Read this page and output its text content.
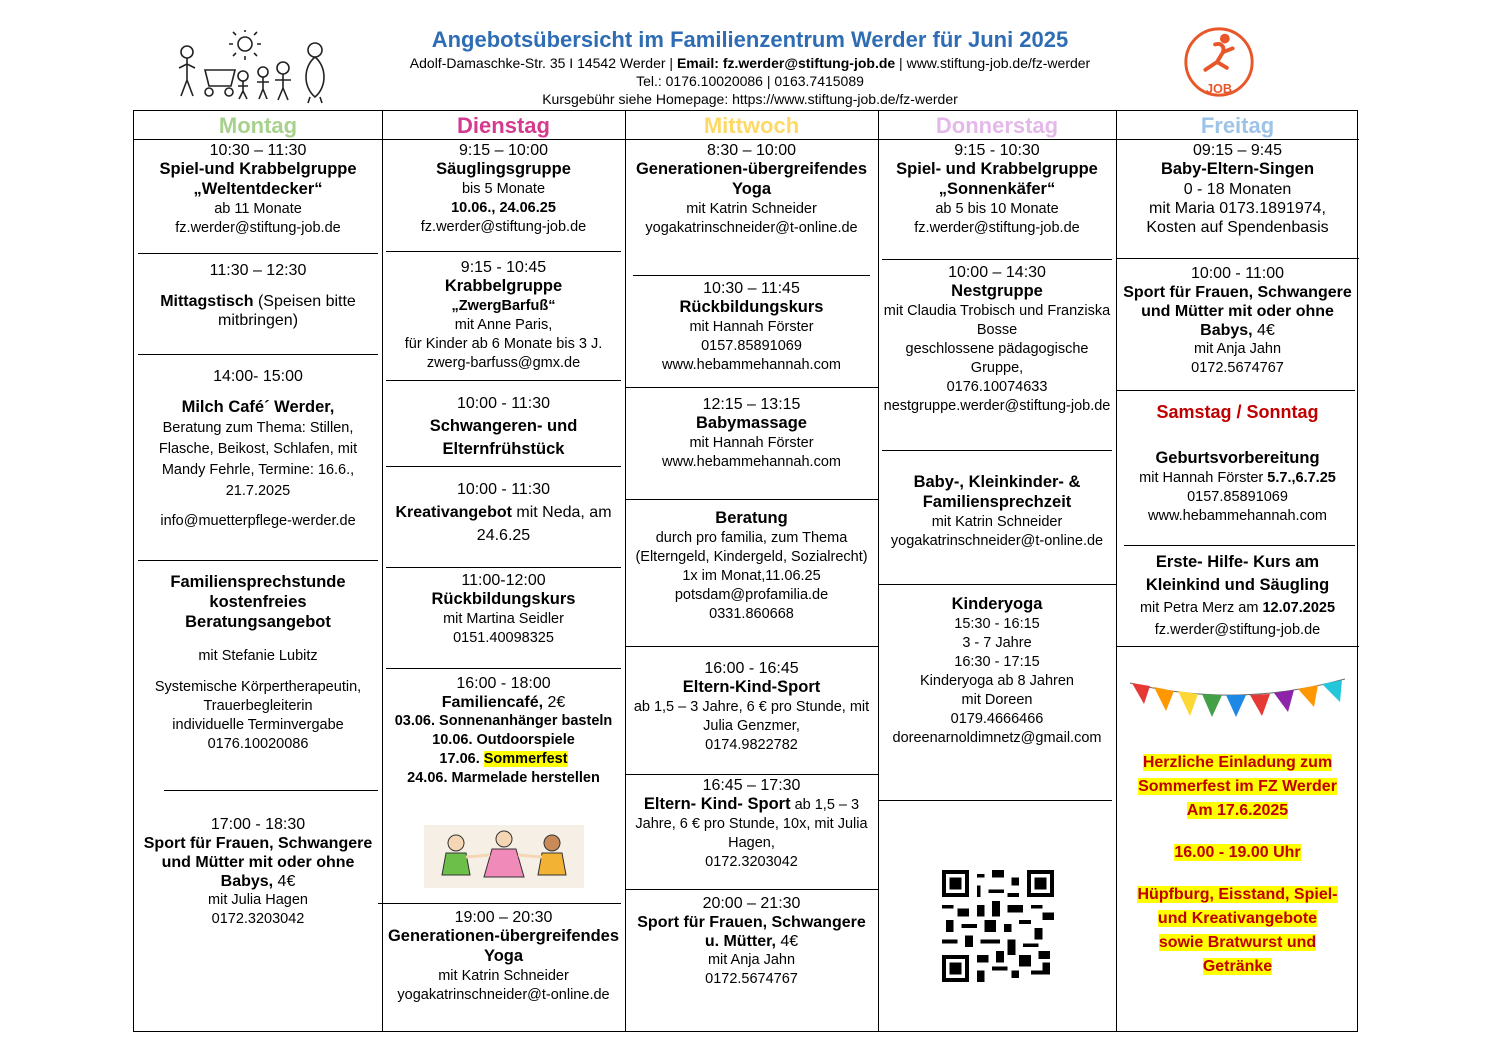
Angebotsübersicht im Familienzentrum Werder für Juni 2025
Adolf-Damaschke-Str. 35 I 14542 Werder | Email: fz.werder@stiftung-job.de | www.stiftung-job.de/fz-werder
Tel.: 0176.10020086 | 0163.7415089
Kursgebühr siehe Homepage: https://www.stiftung-job.de/fz-werder
JOB
Montag
10:30 – 11:30
Spiel-und Krabbelgruppe
„Weltentdecker“
ab 11 Monate
fz.werder@stiftung-job.de
11:30 – 12:30
Mittagstisch (Speisen bitte mitbringen)
14:00- 15:00
Milch Café´ Werder,
Beratung zum Thema: Stillen, Flasche, Beikost, Schlafen, mit Mandy Fehrle, Termine: 16.6., 21.7.2025
info@muetterpflege-werder.de
Familiensprechstunde
kostenfreies
Beratungsangebot
mit Stefanie Lubitz
Systemische Körpertherapeutin, Trauerbegleiterin
individuelle Terminvergabe
0176.10020086
17:00 - 18:30
Sport für Frauen, Schwangere und Mütter mit oder ohne Babys, 4€
mit Julia Hagen
0172.3203042
Dienstag
9:15 – 10:00
Säuglingsgruppe
bis 5 Monate
10.06., 24.06.25
fz.werder@stiftung-job.de
9:15 - 10:45
Krabbelgruppe
„ZwergBarfuß“
mit Anne Paris,
für Kinder ab 6 Monate bis 3 J.
zwerg-barfuss@gmx.de
10:00 - 11:30
Schwangeren- und Elternfrühstück
10:00 - 11:30
Kreativangebot mit Neda, am 24.6.25
11:00-12:00
Rückbildungskurs
mit Martina Seidler
0151.40098325
16:00 - 18:00
Familiencafé, 2€
03.06. Sonnenanhänger basteln
10.06. Outdoorspiele
17.06. Sommerfest
24.06. Marmelade herstellen
19:00 – 20:30
Generationen-übergreifendes Yoga
mit Katrin Schneider
yogakatrinschneider@t-online.de
Mittwoch
8:30 – 10:00
Generationen-übergreifendes Yoga
mit Katrin Schneider
yogakatrinschneider@t-online.de
10:30 – 11:45
Rückbildungskurs
mit Hannah Förster
0157.85891069
www.hebammehannah.com
12:15 – 13:15
Babymassage
mit Hannah Förster
www.hebammehannah.com
Beratung
durch pro familia, zum Thema (Elterngeld, Kindergeld, Sozialrecht)
1x im Monat,11.06.25
potsdam@profamilia.de
0331.860668
16:00 - 16:45
Eltern-Kind-Sport
ab 1,5 – 3 Jahre, 6 € pro Stunde, mit Julia Genzmer,
0174.9822782
16:45 – 17:30
Eltern- Kind- Sport ab 1,5 – 3 Jahre, 6 € pro Stunde, 10x, mit Julia Hagen,
0172.3203042
20:00 – 21:30
Sport für Frauen, Schwangere u. Mütter, 4€
mit Anja Jahn
0172.5674767
Donnerstag
9:15 - 10:30
Spiel- und Krabbelgruppe
„Sonnenkäfer“
ab 5 bis 10 Monate
fz.werder@stiftung-job.de
10:00 – 14:30
Nestgruppe
mit Claudia Trobisch und Franziska Bosse
geschlossene pädagogische Gruppe,
0176.10074633
nestgruppe.werder@stiftung-job.de
Baby-, Kleinkinder- & Familiensprechzeit
mit Katrin Schneider
yogakatrinschneider@t-online.de
Kinderyoga
15:30 - 16:15
3 - 7 Jahre
16:30 - 17:15
Kinderyoga ab 8 Jahren
mit Doreen
0179.4666466
doreenarnoldimnetz@gmail.com
Freitag
09:15 – 9:45
Baby-Eltern-Singen
0 - 18 Monaten
mit Maria 0173.1891974,
Kosten auf Spendenbasis
10:00 - 11:00
Sport für Frauen, Schwangere und Mütter mit oder ohne Babys, 4€
mit Anja Jahn
0172.5674767
Samstag / Sonntag
Geburtsvorbereitung
mit Hannah Förster 5.7.,6.7.25
0157.85891069
www.hebammehannah.com
Erste- Hilfe- Kurs am Kleinkind und Säugling
mit Petra Merz am 12.07.2025
fz.werder@stiftung-job.de
Herzliche Einladung zum
Sommerfest im FZ Werder
Am 17.6.2025
16.00 - 19.00 Uhr
Hüpfburg, Eisstand, Spiel-
und Kreativangebote
sowie Bratwurst und
Getränke
